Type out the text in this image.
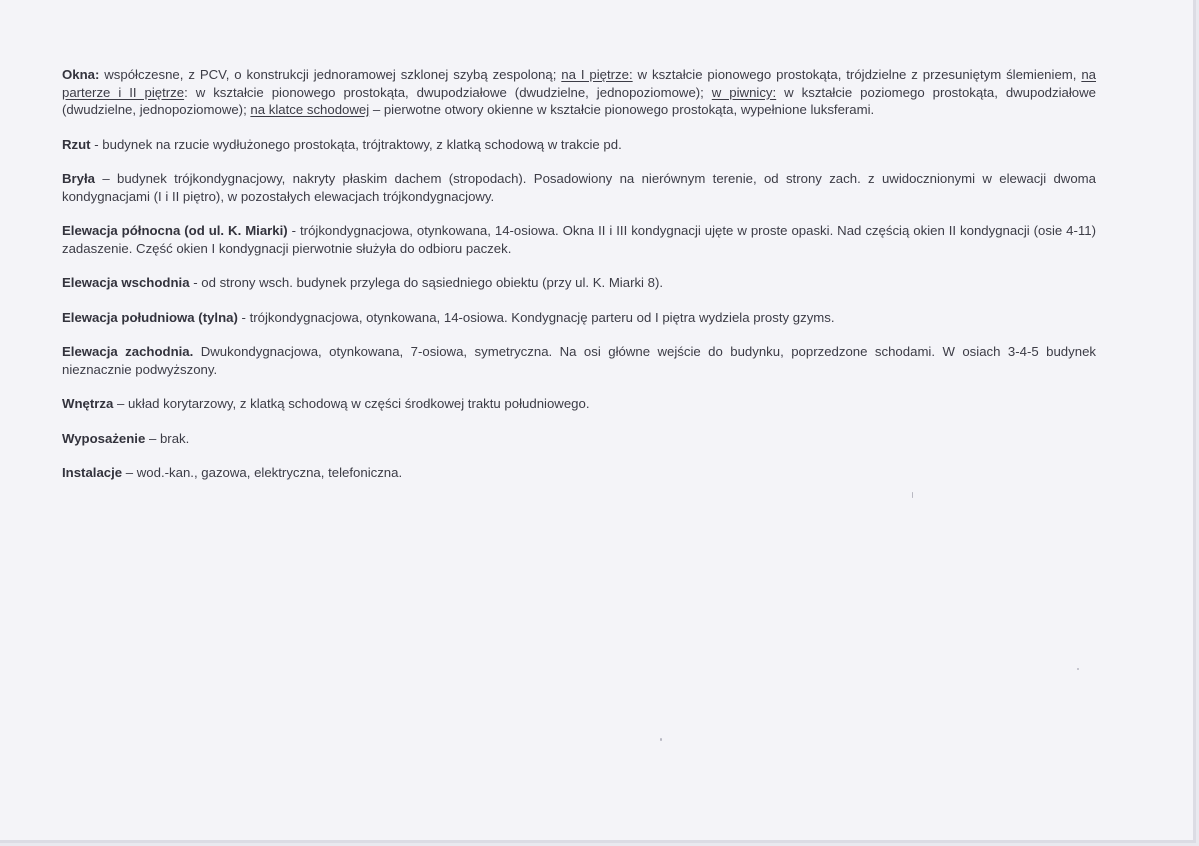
Okna: współczesne, z PCV, o konstrukcji jednoramowej szklonej szybą zespoloną; na I piętrze: w kształcie pionowego prostokąta, trójdzielne z przesuniętym ślemieniem, na parterze i II piętrze: w kształcie pionowego prostokąta, dwupodziałowe (dwudzielne, jednopoziomowe); w piwnicy: w kształcie poziomego prostokąta, dwupodziałowe (dwudzielne, jednopoziomowe); na klatce schodowej – pierwotne otwory okienne w kształcie pionowego prostokąta, wypełnione luksferami.

Rzut - budynek na rzucie wydłużonego prostokąta, trójtraktowy, z klatką schodową w trakcie pd.

Bryła – budynek trójkondygnacjowy, nakryty płaskim dachem (stropodach). Posadowiony na nierównym terenie, od strony zach. z uwidocznionymi w elewacji dwoma kondygnacjami (I i II piętro), w pozostałych elewacjach trójkondygnacjowy.

Elewacja północna (od ul. K. Miarki) - trójkondygnacjowa, otynkowana, 14-osiowa. Okna II i III kondygnacji ujęte w proste opaski. Nad częścią okien II kondygnacji (osie 4-11) zadaszenie. Część okien I kondygnacji pierwotnie służyła do odbioru paczek.

Elewacja wschodnia - od strony wsch. budynek przylega do sąsiedniego obiektu (przy ul. K. Miarki 8).

Elewacja południowa (tylna) - trójkondygnacjowa, otynkowana, 14-osiowa. Kondygnację parteru od I piętra wydziela prosty gzyms.

Elewacja zachodnia. Dwukondygnacjowa, otynkowana, 7-osiowa, symetryczna. Na osi główne wejście do budynku, poprzedzone schodami. W osiach 3-4-5 budynek nieznacznie podwyższony.

Wnętrza – układ korytarzowy, z klatką schodową w części środkowej traktu południowego.

Wyposażenie – brak.

Instalacje – wod.-kan., gazowa, elektryczna, telefoniczna.
